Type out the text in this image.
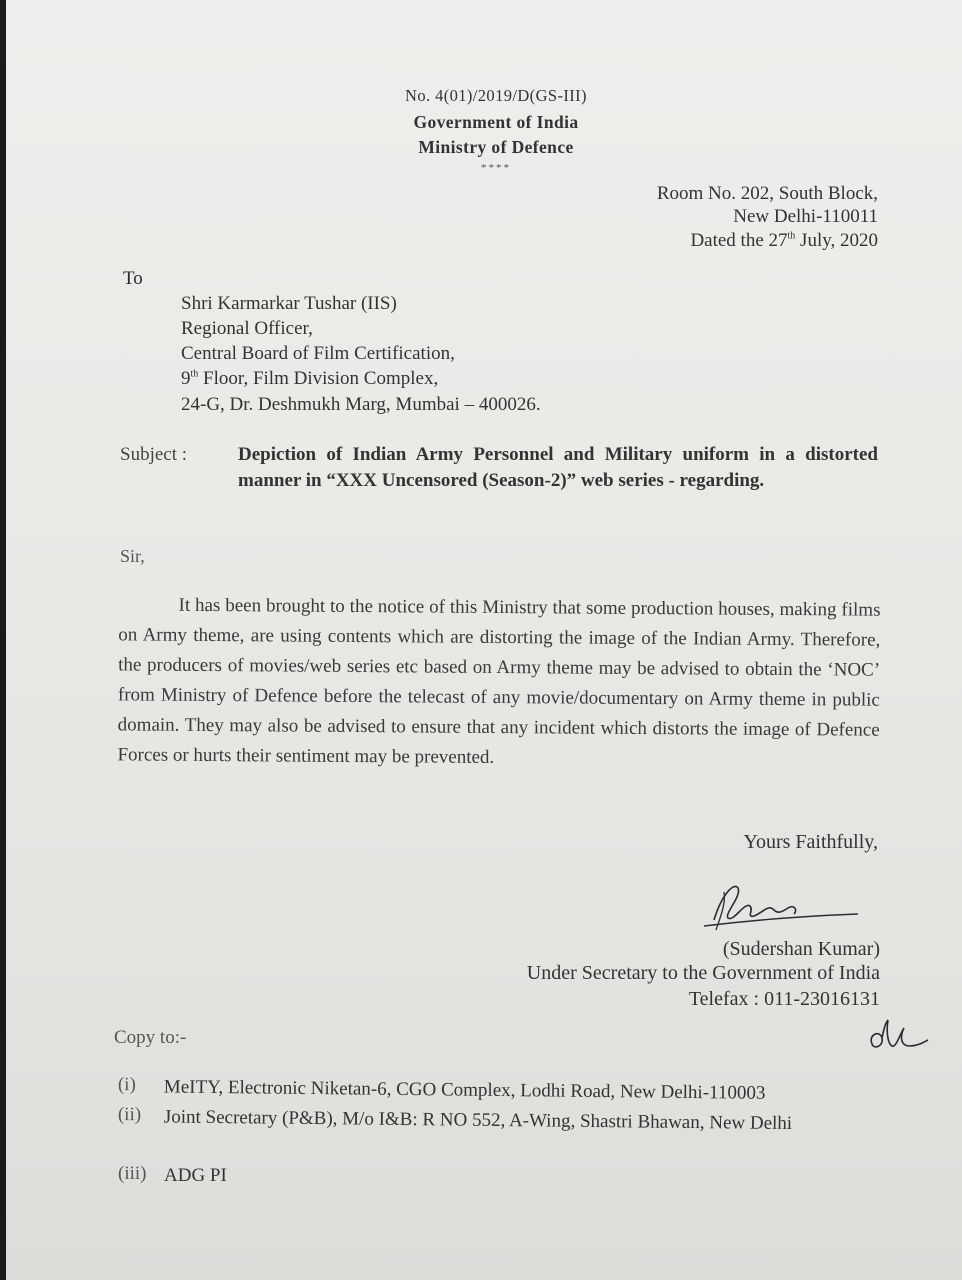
No. 4(01)/2019/D(GS-III)
Government of India
Ministry of Defence
****
Room No. 202, South Block,
New Delhi-110011
Dated the 27th July, 2020
To
Shri Karmarkar Tushar (IIS)
Regional Officer,
Central Board of Film Certification,
9th Floor, Film Division Complex,
24-G, Dr. Deshmukh Marg, Mumbai – 400026.
Subject :	Depiction of Indian Army Personnel and Military uniform in a distorted manner in “XXX Uncensored (Season-2)” web series - regarding.
Sir,
It has been brought to the notice of this Ministry that some production houses, making films on Army theme, are using contents which are distorting the image of the Indian Army. Therefore, the producers of movies/web series etc based on Army theme may be advised to obtain the ‘NOC’ from Ministry of Defence before the telecast of any movie/documentary on Army theme in public domain. They may also be advised to ensure that any incident which distorts the image of Defence Forces or hurts their sentiment may be prevented.
Yours Faithfully,
(Sudershan Kumar)
Under Secretary to the Government of India
Telefax : 011-23016131
Copy to:-
(i)	MeITY, Electronic Niketan-6, CGO Complex, Lodhi Road, New Delhi-110003
(ii)	Joint Secretary (P&B), M/o I&B: R NO 552, A-Wing, Shastri Bhawan, New Delhi
(iii) ADG PI
